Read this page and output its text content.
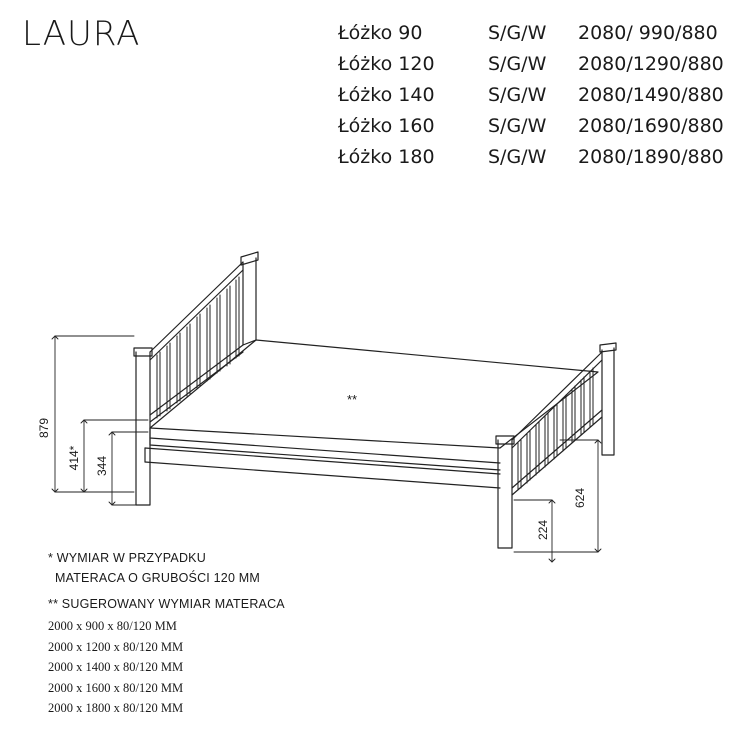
LAURA	Łóżko 90	S/G/W	2080/ 990/880
Łóżko 120	S/G/W	2080/1290/880
Łóżko 140	S/G/W	2080/1490/880
Łóżko 160	S/G/W	2080/1690/880
Łóżko 180	S/G/W	2080/1890/880
879
414* 344
624
224
**
* WYMIAR W PRZYPADKU
MATERACA O GRUBOŚCI 120 MM
** SUGEROWANY WYMIAR MATERACA
2000 x 900 x 80/120 MM
2000 x 1200 x 80/120 MM
2000 x 1400 x 80/120 MM
2000 x 1600 x 80/120 MM
2000 x 1800 x 80/120 MM
